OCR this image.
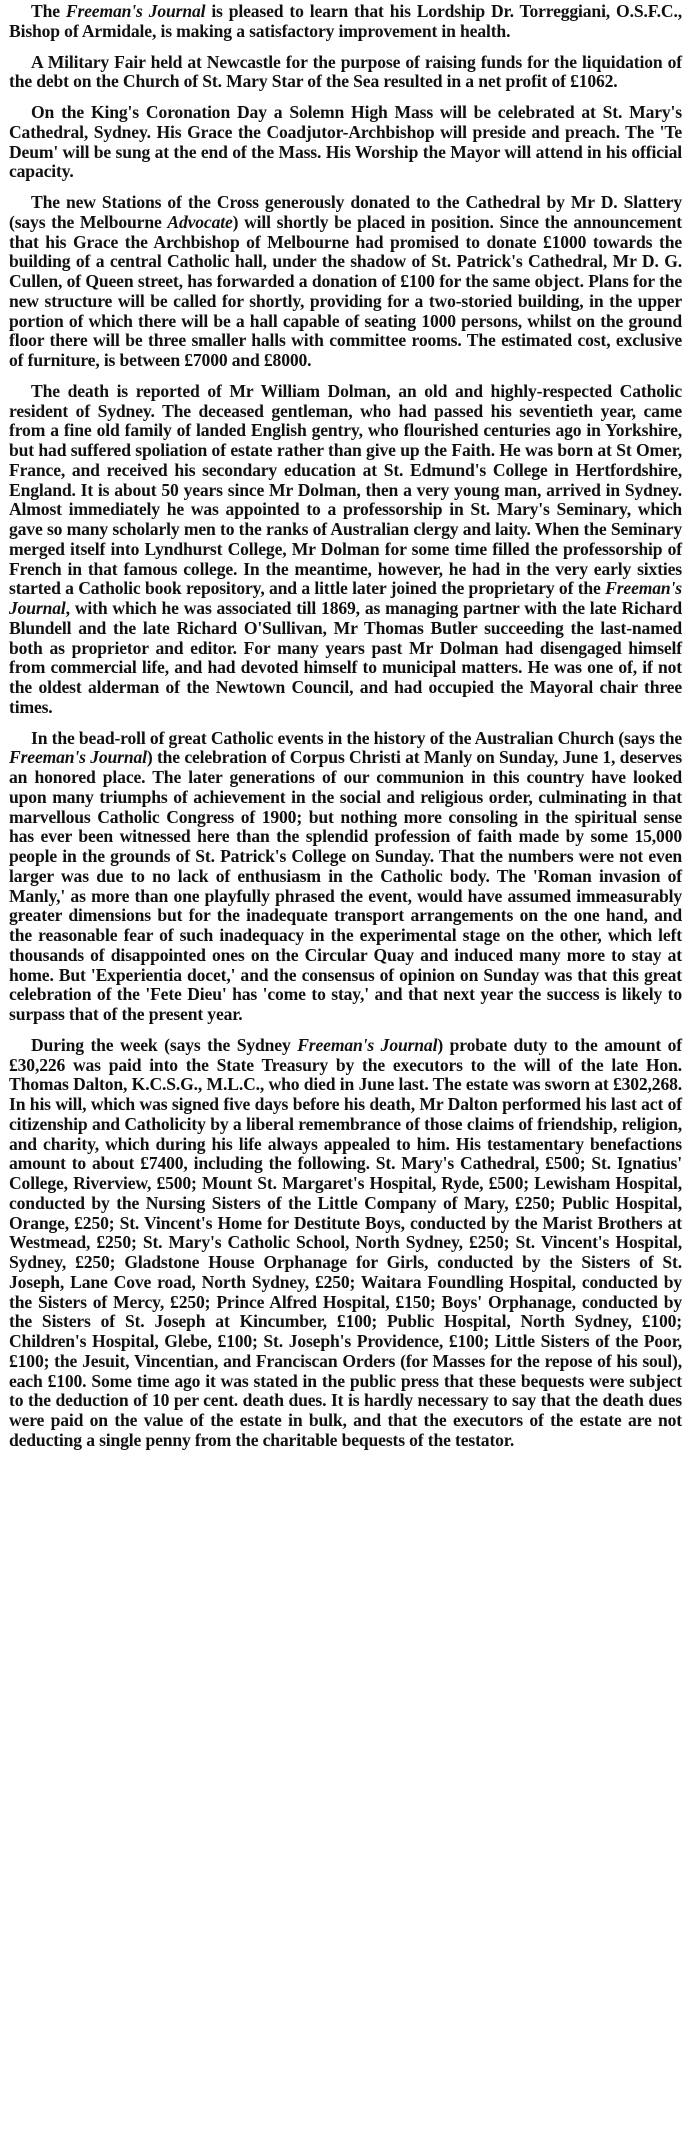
The Freeman's Journal is pleased to learn that his Lordship Dr. Torreggiani, O.S.F.C., Bishop of Armidale, is making a satisfactory improvement in health.

A Military Fair held at Newcastle for the purpose of raising funds for the liquidation of the debt on the Church of St. Mary Star of the Sea resulted in a net profit of £1062.

On the King's Coronation Day a Solemn High Mass will be celebrated at St. Mary's Cathedral, Sydney. His Grace the Coadjutor-Archbishop will preside and preach. The 'Te Deum' will be sung at the end of the Mass. His Worship the Mayor will attend in his official capacity.

The new Stations of the Cross generously donated to the Cathedral by Mr D. Slattery (says the Melbourne Advocate) will shortly be placed in position. Since the announcement that his Grace the Archbishop of Melbourne had promised to donate £1000 towards the building of a central Catholic hall, under the shadow of St. Patrick's Cathedral, Mr D. G. Cullen, of Queen street, has forwarded a donation of £100 for the same object. Plans for the new structure will be called for shortly, providing for a two-storied building, in the upper portion of which there will be a hall capable of seating 1000 persons, whilst on the ground floor there will be three smaller halls with committee rooms. The estimated cost, exclusive of furniture, is between £7000 and £8000.

The death is reported of Mr William Dolman, an old and highly-respected Catholic resident of Sydney. The deceased gentleman, who had passed his seventieth year, came from a fine old family of landed English gentry, who flourished centuries ago in Yorkshire, but had suffered spoliation of estate rather than give up the Faith. He was born at St Omer, France, and received his secondary education at St. Edmund's College in Hertfordshire, England. It is about 50 years since Mr Dolman, then a very young man, arrived in Sydney. Almost immediately he was appointed to a professorship in St. Mary's Seminary, which gave so many scholarly men to the ranks of Australian clergy and laity. When the Seminary merged itself into Lyndhurst College, Mr Dolman for some time filled the professorship of French in that famous college. In the meantime, however, he had in the very early sixties started a Catholic book repository, and a little later joined the proprietary of the Freeman's Journal, with which he was associated till 1869, as managing partner with the late Richard Blundell and the late Richard O'Sullivan, Mr Thomas Butler succeeding the last-named both as proprietor and editor. For many years past Mr Dolman had disengaged himself from commercial life, and had devoted himself to municipal matters. He was one of, if not the oldest alderman of the Newtown Council, and had occupied the Mayoral chair three times.

In the bead-roll of great Catholic events in the history of the Australian Church (says the Freeman's Journal) the celebration of Corpus Christi at Manly on Sunday, June 1, deserves an honored place. The later generations of our communion in this country have looked upon many triumphs of achievement in the social and religious order, culminating in that marvellous Catholic Congress of 1900; but nothing more consoling in the spiritual sense has ever been witnessed here than the splendid profession of faith made by some 15,000 people in the grounds of St. Patrick's College on Sunday. That the numbers were not even larger was due to no lack of enthusiasm in the Catholic body. The 'Roman invasion of Manly,' as more than one playfully phrased the event, would have assumed immeasurably greater dimensions but for the inadequate transport arrangements on the one hand, and the reasonable fear of such inadequacy in the experimental stage on the other, which left thousands of disappointed ones on the Circular Quay and induced many more to stay at home. But 'Experientia docet,' and the consensus of opinion on Sunday was that this great celebration of the 'Fete Dieu' has 'come to stay,' and that next year the success is likely to surpass that of the present year.

During the week (says the Sydney Freeman's Journal) probate duty to the amount of £30,226 was paid into the State Treasury by the executors to the will of the late Hon. Thomas Dalton, K.C.S.G., M.L.C., who died in June last. The estate was sworn at £302,268. In his will, which was signed five days before his death, Mr Dalton performed his last act of citizenship and Catholicity by a liberal remembrance of those claims of friendship, religion, and charity, which during his life always appealed to him. His testamentary benefactions amount to about £7400, including the following. St. Mary's Cathedral, £500; St. Ignatius' College, Riverview, £500; Mount St. Margaret's Hospital, Ryde, £500; Lewisham Hospital, conducted by the Nursing Sisters of the Little Company of Mary, £250; Public Hospital, Orange, £250; St. Vincent's Home for Destitute Boys, conducted by the Marist Brothers at Westmead, £250; St. Mary's Catholic School, North Sydney, £250; St. Vincent's Hospital, Sydney, £250; Gladstone House Orphanage for Girls, conducted by the Sisters of St. Joseph, Lane Cove road, North Sydney, £250; Waitara Foundling Hospital, conducted by the Sisters of Mercy, £250; Prince Alfred Hospital, £150; Boys' Orphanage, conducted by the Sisters of St. Joseph at Kincumber, £100; Public Hospital, North Sydney, £100; Children's Hospital, Glebe, £100; St. Joseph's Providence, £100; Little Sisters of the Poor, £100; the Jesuit, Vincentian, and Franciscan Orders (for Masses for the repose of his soul), each £100. Some time ago it was stated in the public press that these bequests were subject to the deduction of 10 per cent. death dues. It is hardly necessary to say that the death dues were paid on the value of the estate in bulk, and that the executors of the estate are not deducting a single penny from the charitable bequests of the testator.
